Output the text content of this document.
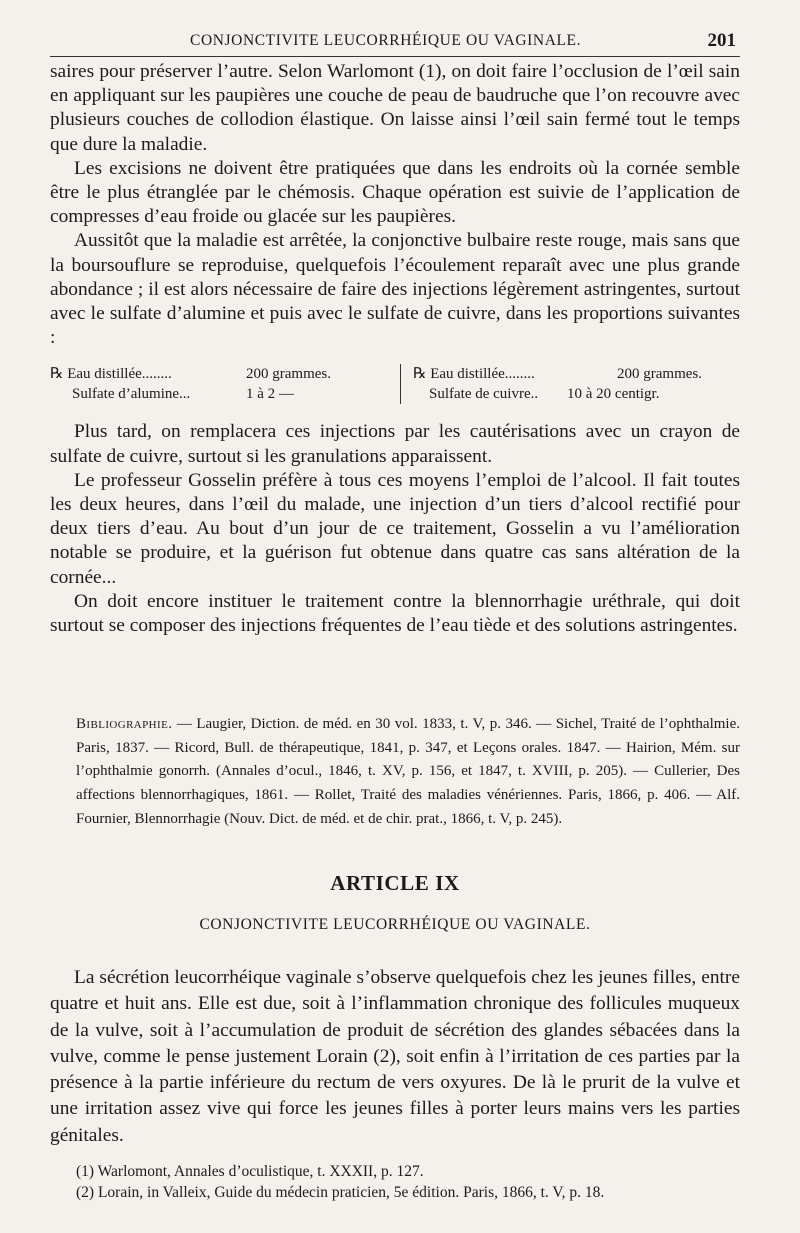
CONJONCTIVITE LEUCORRHÉIQUE OU VAGINALE.	201

saires pour préserver l’autre. Selon Warlomont (1), on doit faire l’occlusion de l’œil sain en appliquant sur les paupières une couche de peau de baudruche que l’on recouvre avec plusieurs couches de collodion élastique. On laisse ainsi l’œil sain fermé tout le temps que dure la maladie.

Les excisions ne doivent être pratiquées que dans les endroits où la cornée semble être le plus étranglée par le chémosis. Chaque opération est suivie de l’application de compresses d’eau froide ou glacée sur les paupières.

Aussitôt que la maladie est arrêtée, la conjonctive bulbaire reste rouge, mais sans que la boursouflure se reproduise, quelquefois l’écoulement reparaît avec une plus grande abondance ; il est alors nécessaire de faire des injections légèrement astringentes, surtout avec le sulfate d’alumine et puis avec le sulfate de cuivre, dans les proportions suivantes :

℞ Eau distillée........	200 grammes.
Sulfate d’alumine...	1 à 2 —
℞ Eau distillée........	200 grammes.
Sulfate de cuivre.. 10 à 20 centigr.

Plus tard, on remplacera ces injections par les cautérisations avec un crayon de sulfate de cuivre, surtout si les granulations apparaissent.

Le professeur Gosselin préfère à tous ces moyens l’emploi de l’alcool. Il fait toutes les deux heures, dans l’œil du malade, une injection d’un tiers d’alcool rectifié pour deux tiers d’eau. Au bout d’un jour de ce traitement, Gosselin a vu l’amélioration notable se produire, et la guérison fut obtenue dans quatre cas sans altération de la cornée...

On doit encore instituer le traitement contre la blennorrhagie uréthrale, qui doit surtout se composer des injections fréquentes de l’eau tiède et des solutions astringentes.

Bibliographie. — Laugier, Diction. de méd. en 30 vol. 1833, t. V, p. 346. — Sichel, Traité de l’ophthalmie. Paris, 1837. — Ricord, Bull. de thérapeutique, 1841, p. 347, et Leçons orales. 1847. — Hairion, Mém. sur l’ophthalmie gonorrh. (Annales d’ocul., 1846, t. XV, p. 156, et 1847, t. XVIII, p. 205). — Cullerier, Des affections blennorrhagiques, 1861. — Rollet, Traité des maladies vénériennes. Paris, 1866, p. 406. — Alf. Fournier, Blennorrhagie (Nouv. Dict. de méd. et de chir. prat., 1866, t. V, p. 245).
ARTICLE IX
CONJONCTIVITE LEUCORRHÉIQUE OU VAGINALE.

La sécrétion leucorrhéique vaginale s’observe quelquefois chez les jeunes filles, entre quatre et huit ans. Elle est due, soit à l’inflammation chronique des follicules muqueux de la vulve, soit à l’accumulation de produit de sécrétion des glandes sébacées dans la vulve, comme le pense justement Lorain (2), soit enfin à l’irritation de ces parties par la présence à la partie inférieure du rectum de vers oxyures. De là le prurit de la vulve et une irritation assez vive qui force les jeunes filles à porter leurs mains vers les parties génitales.

(1) Warlomont, Annales d’oculistique, t. XXXII, p. 127.
(2) Lorain, in Valleix, Guide du médecin praticien, 5e édition. Paris, 1866, t. V, p. 18.
